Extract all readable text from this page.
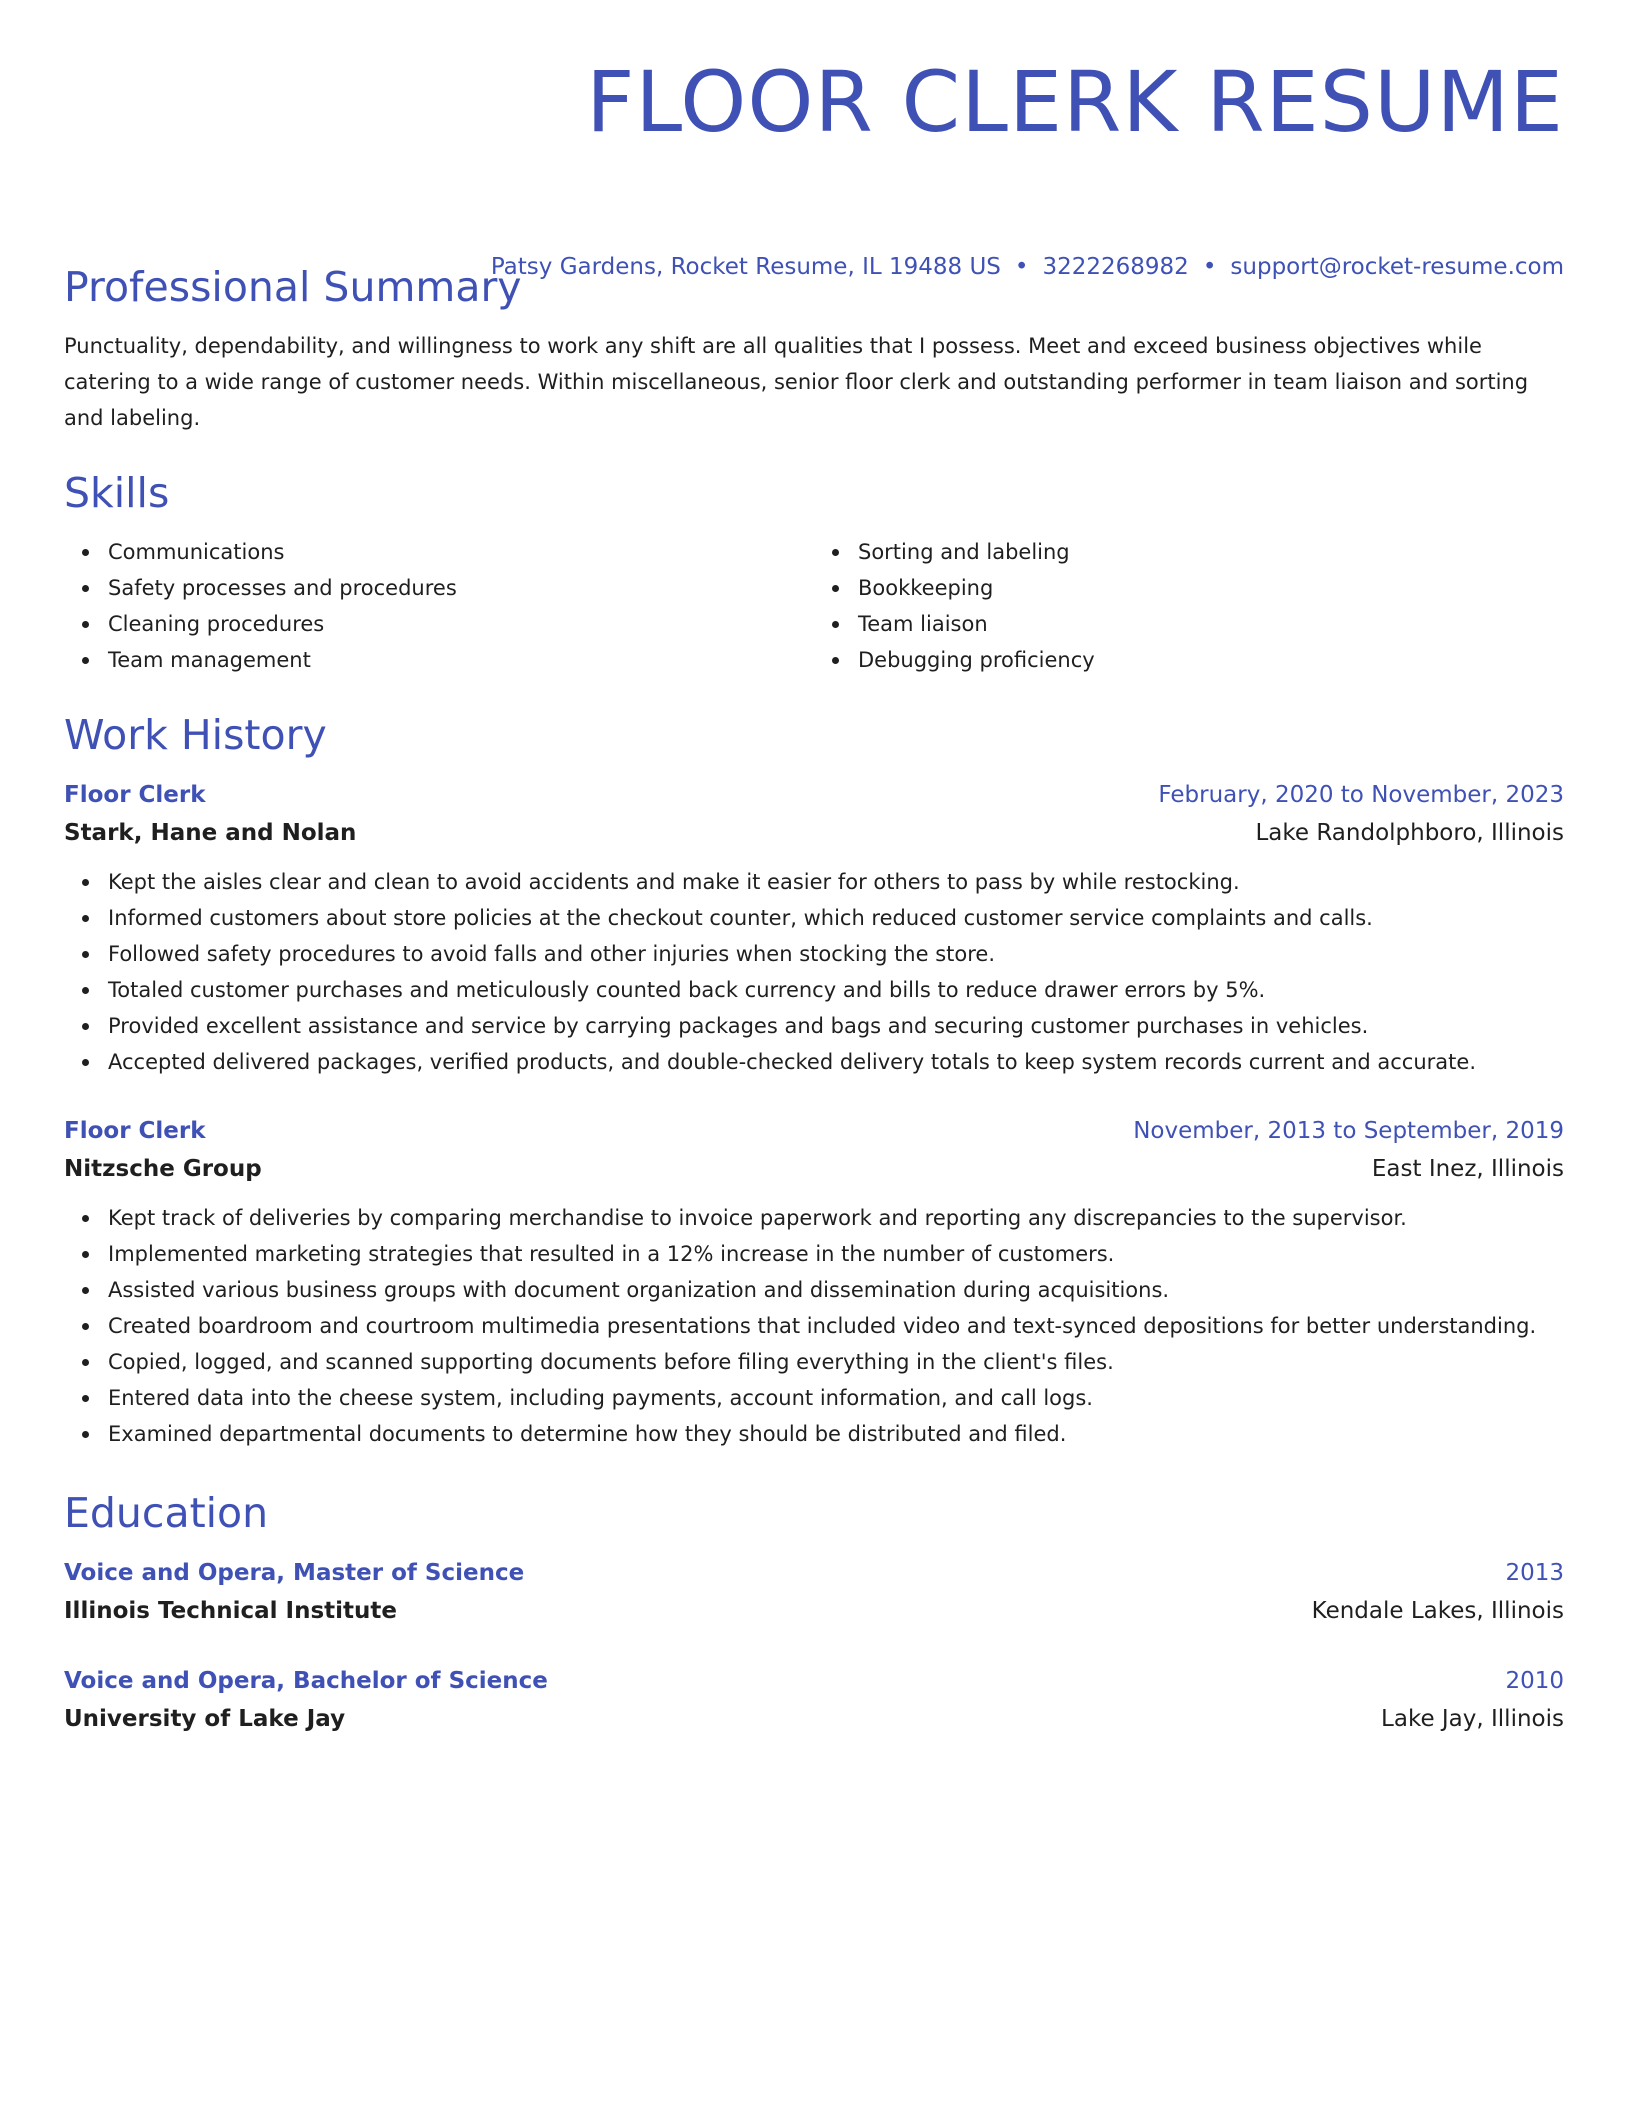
FLOOR CLERK RESUME
Patsy Gardens, Rocket Resume, IL 19488 US • 3222268982 • support@rocket-resume.com
Professional Summary

Punctuality, dependability, and willingness to work any shift are all qualities that I possess. Meet and exceed business objectives while catering to a wide range of customer needs. Within miscellaneous, senior floor clerk and outstanding performer in team liaison and sorting and labeling.

Skills
Communications
Safety processes and procedures
Cleaning procedures
Team management
Sorting and labeling
Bookkeeping
Team liaison
Debugging proficiency
Work History
Floor Clerk	February, 2020 to November, 2023
Stark, Hane and Nolan	Lake Randolphboro, Illinois
Kept the aisles clear and clean to avoid accidents and make it easier for others to pass by while restocking.
Informed customers about store policies at the checkout counter, which reduced customer service complaints and calls.
Followed safety procedures to avoid falls and other injuries when stocking the store.
Totaled customer purchases and meticulously counted back currency and bills to reduce drawer errors by 5%.
Provided excellent assistance and service by carrying packages and bags and securing customer purchases in vehicles.
Accepted delivered packages, verified products, and double-checked delivery totals to keep system records current and accurate.
Floor Clerk	November, 2013 to September, 2019
Nitzsche Group	East Inez, Illinois
Kept track of deliveries by comparing merchandise to invoice paperwork and reporting any discrepancies to the supervisor.
Implemented marketing strategies that resulted in a 12% increase in the number of customers.
Assisted various business groups with document organization and dissemination during acquisitions.
Created boardroom and courtroom multimedia presentations that included video and text-synced depositions for better understanding.
Copied, logged, and scanned supporting documents before filing everything in the client's files.
Entered data into the cheese system, including payments, account information, and call logs.
Examined departmental documents to determine how they should be distributed and filed.
Education
Voice and Opera, Master of Science	2013
Illinois Technical Institute	Kendale Lakes, Illinois
Voice and Opera, Bachelor of Science	2010
University of Lake Jay	Lake Jay, Illinois
